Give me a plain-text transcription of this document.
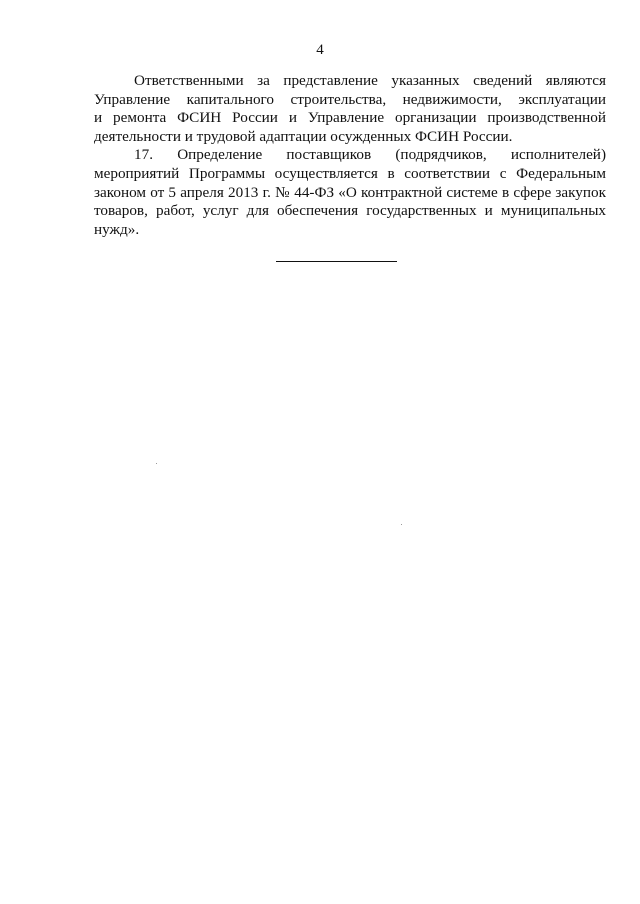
4
Ответственными за представление указанных сведений являются
Управление капитального строительства, недвижимости, эксплуатации
и ремонта ФСИН России и Управление организации производственной
деятельности и трудовой адаптации осужденных ФСИН России.
17. Определение поставщиков (подрядчиков, исполнителей)
мероприятий Программы осуществляется в соответствии с Федеральным
законом от 5 апреля 2013 г. № 44-ФЗ «О контрактной системе в сфере закупок
товаров, работ, услуг для обеспечения государственных и муниципальных
нужд».
